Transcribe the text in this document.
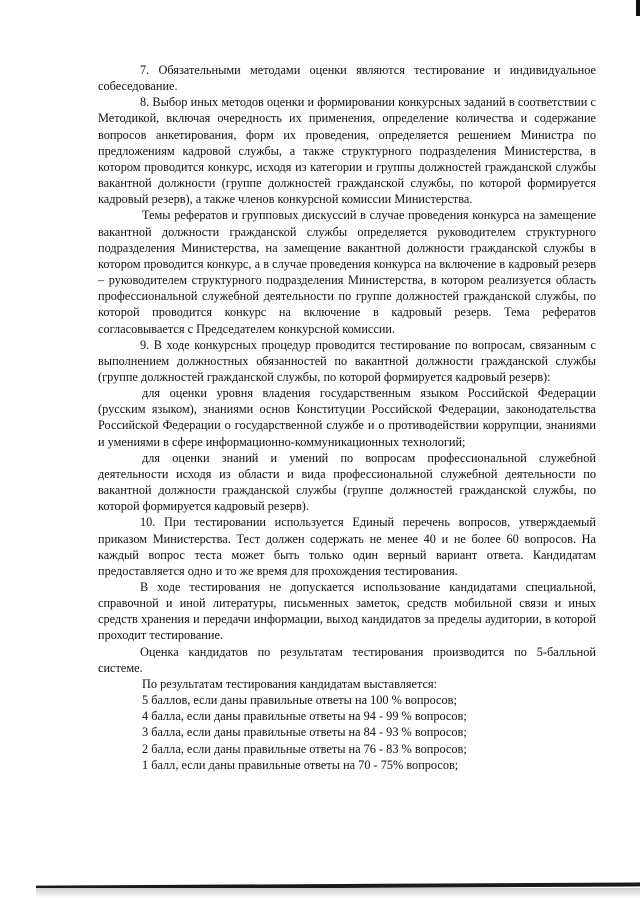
7. Обязательными методами оценки являются тестирование и индивидуальное собеседование.

8. Выбор иных методов оценки и формировании конкурсных заданий в соответствии с Методикой, включая очередность их применения, определение количества и содержание вопросов анкетирования, форм их проведения, определяется решением Министра по предложениям кадровой службы, а также структурного подразделения Министерства, в котором проводится конкурс, исходя из категории и группы должностей гражданской службы вакантной должности (группе должностей гражданской службы, по которой формируется кадровый резерв), а также членов конкурсной комиссии Министерства.

Темы рефератов и групповых дискуссий в случае проведения конкурса на замещение вакантной должности гражданской службы определяется руководителем структурного подразделения Министерства, на замещение вакантной должности гражданской службы в котором проводится конкурс, а в случае проведения конкурса на включение в кадровый резерв – руководителем структурного подразделения Министерства, в котором реализуется область профессиональной служебной деятельности по группе должностей гражданской службы, по которой проводится конкурс на включение в кадровый резерв. Тема рефератов согласовывается с Председателем конкурсной комиссии.

9. В ходе конкурсных процедур проводится тестирование по вопросам, связанным с выполнением должностных обязанностей по вакантной должности гражданской службы (группе должностей гражданской службы, по которой формируется кадровый резерв):

для оценки уровня владения государственным языком Российской Федерации (русским языком), знаниями основ Конституции Российской Федерации, законодательства Российской Федерации о государственной службе и о противодействии коррупции, знаниями и умениями в сфере информационно-коммуникационных технологий;

для оценки знаний и умений по вопросам профессиональной служебной деятельности исходя из области и вида профессиональной служебной деятельности по вакантной должности гражданской службы (группе должностей гражданской службы, по которой формируется кадровый резерв).

10. При тестировании используется Единый перечень вопросов, утверждаемый приказом Министерства. Тест должен содержать не менее 40 и не более 60 вопросов. На каждый вопрос теста может быть только один верный вариант ответа. Кандидатам предоставляется одно и то же время для прохождения тестирования.

В ходе тестирования не допускается использование кандидатами специальной, справочной и иной литературы, письменных заметок, средств мобильной связи и иных средств хранения и передачи информации, выход кандидатов за пределы аудитории, в которой проходит тестирование.

Оценка кандидатов по результатам тестирования производится по 5-балльной системе.

По результатам тестирования кандидатам выставляется:

5 баллов, если даны правильные ответы на 100 % вопросов;

4 балла, если даны правильные ответы на 94 - 99 % вопросов;

3 балла, если даны правильные ответы на 84 - 93 % вопросов;

2 балла, если даны правильные ответы на 76 - 83 % вопросов;

1 балл, если даны правильные ответы на 70 - 75% вопросов;
